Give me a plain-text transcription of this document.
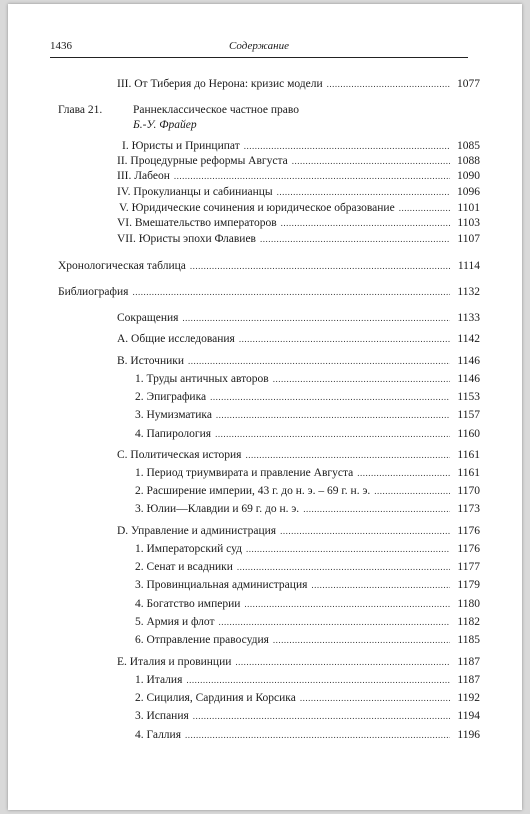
1436	Содержание
III. От Тиберия до Нерона: кризис модели .....	1077
Глава 21.	Раннеклассическое частное право
Б.-У. Фрайер
I. Юристы и Принципат .....	1085
II. Процедурные реформы Августа .....	1088
III. Лабеон .....	1090
IV. Прокулианцы и сабинианцы .....	1096
V. Юридические сочинения и юридическое образование .....	1101
VI. Вмешательство императоров .....	1103
VII. Юристы эпохи Флавиев .....	1107
Хронологическая таблица .....	1114
Библиография .....	1132
Сокращения .....	1133
A. Общие исследования .....	1142
B. Источники .....	1146
1. Труды античных авторов .....	1146
2. Эпиграфика .....	1153
3. Нумизматика .....	1157
4. Папирология .....	1160
C. Политическая история .....	1161
1. Период триумвирата и правление Августа .....	1161
2. Расширение империи, 43 г. до н. э. – 69 г. н. э. .....	1170
3. Юлии—Клавдии и 69 г. до н. э. .....	1173
D. Управление и администрация .....	1176
1. Императорский суд .....	1176
2. Сенат и всадники .....	1177
3. Провинциальная администрация .....	1179
4. Богатство империи .....	1180
5. Армия и флот .....	1182
6. Отправление правосудия .....	1185
E. Италия и провинции .....	1187
1. Италия .....	1187
2. Сицилия, Сардиния и Корсика .....	1192
3. Испания .....	1194
4. Галлия .....	1196
